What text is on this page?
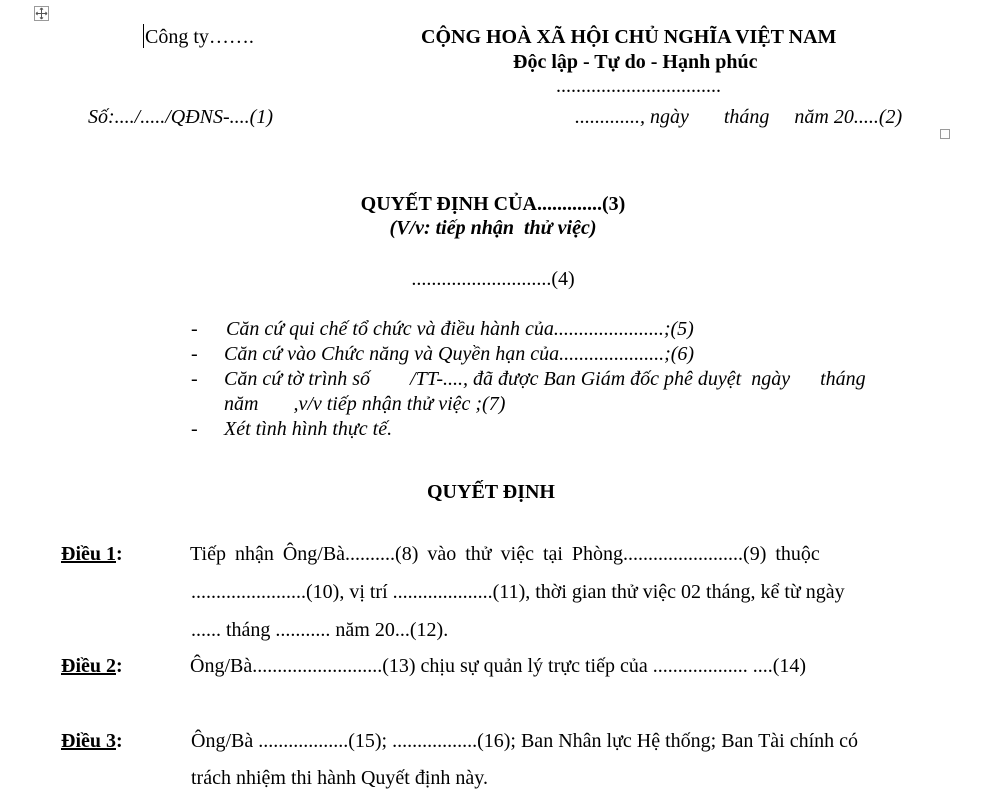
Công ty…….	CỘNG HOÀ XÃ HỘI CHỦ NGHĨA VIỆT NAM
Độc lập - Tự do - Hạnh phúc
.................................
Số:..../...../QĐNS-....(1)	............., ngày       tháng     năm 20.....(2)
QUYẾT ĐỊNH CỦA.............(3)
(V/v: tiếp nhận  thử việc)
............................(4)
- Căn cứ qui chế tổ chức và điều hành của......................;(5)
- Căn cứ vào Chức năng và Quyền hạn của.....................;(6)
- Căn cứ tờ trình số        /TT-...., đã được Ban Giám đốc phê duyệt  ngày      tháng
năm       ,v/v tiếp nhận thử việc ;(7)
- Xét tình hình thực tế.
QUYẾT ĐỊNH
Điều 1:	Tiếp nhận Ông/Bà..........(8) vào thử việc tại Phòng........................(9) thuộc
.......................(10), vị trí ....................(11), thời gian thử việc 02 tháng, kể từ ngày
...... tháng ........... năm 20...(12).
Điều 2:	Ông/Bà..........................(13) chịu sự quản lý trực tiếp của ................... ....(14)
Điều 3:	Ông/Bà ..................(15); .................(16); Ban Nhân lực Hệ thống; Ban Tài chính có
trách nhiệm thi hành Quyết định này.
